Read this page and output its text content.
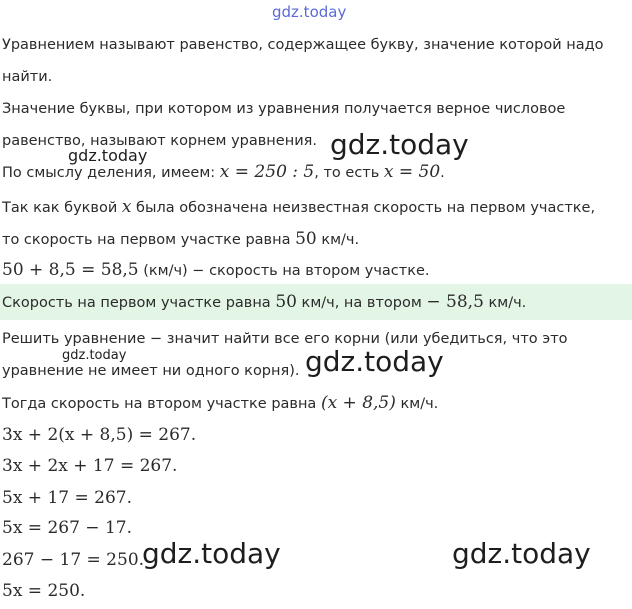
gdz.today
Уравнением называют равенство, содержащее букву, значение которой надо
найти.
Значение буквы, при котором из уравнения получается верное числовое
равенство, называют корнем уравнения.
По смыслу деления, имеем: x = 250 : 5, то есть x = 50.
Так как буквой x была обозначена неизвестная скорость на первом участке,
то скорость на первом участке равна 50 км/ч.
50 + 8,5 = 58,5 (км/ч) − скорость на втором участке.
Скорость на первом участке равна 50 км/ч, на втором − 58,5 км/ч.
Решить уравнение − значит найти все его корни (или убедиться, что это
уравнение не имеет ни одного корня).
Тогда скорость на втором участке равна (x + 8,5) км/ч.
3x + 2(x + 8,5) = 267.
3x + 2x + 17 = 267.
5x + 17 = 267.
5x = 267 − 17.
267 − 17 = 250.
5x = 250.
gdz.today
gdz.today
gdz.today
gdz.today
gdz.today	gdz.today
